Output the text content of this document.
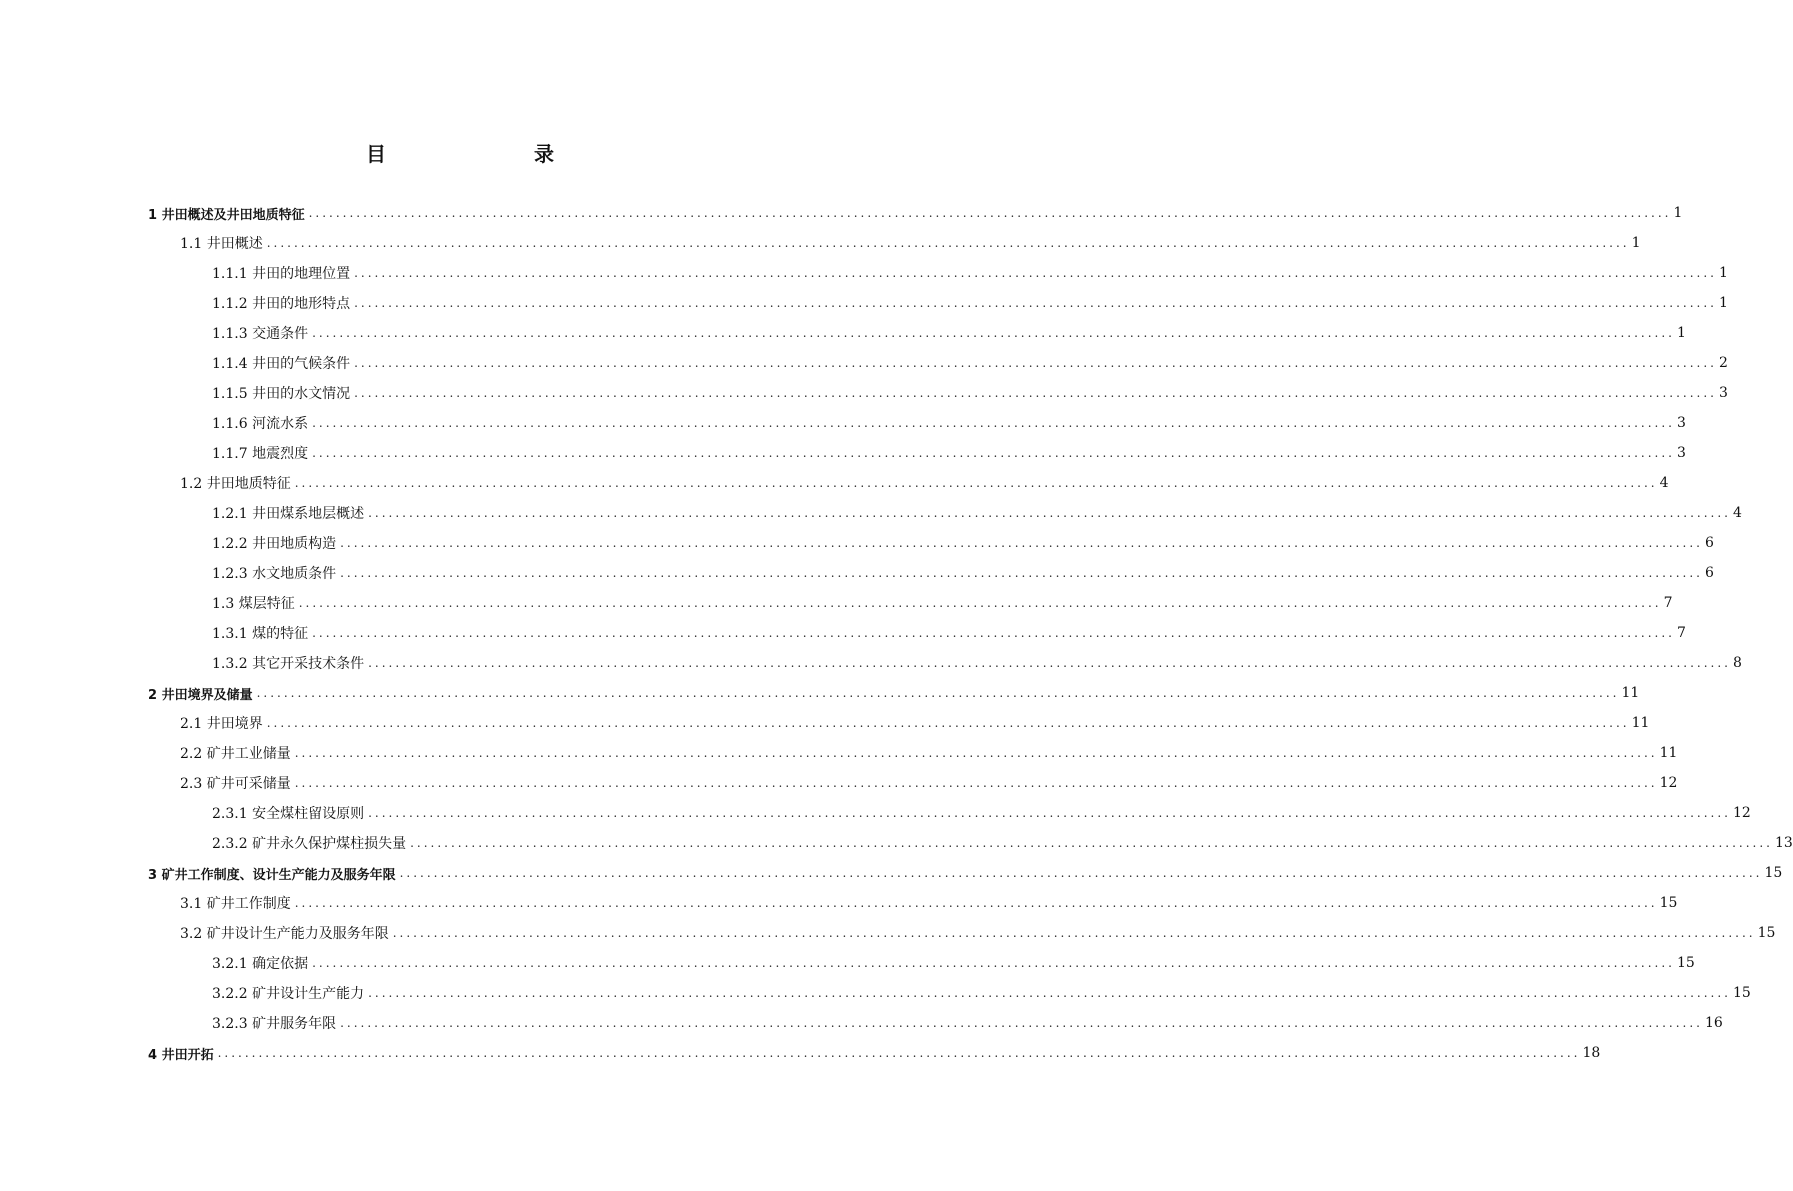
目　　录
1 井田概述及井田地质特征 ........................................................................................................................................................................................................ 1
1.1 井田概述 ........................................................................................................................................................................................................ 1
1.1.1 井田的地理位置 ........................................................................................................................................................................................................ 1
1.1.2 井田的地形特点 ........................................................................................................................................................................................................ 1
1.1.3 交通条件 ........................................................................................................................................................................................................ 1
1.1.4 井田的气候条件 ........................................................................................................................................................................................................ 2
1.1.5 井田的水文情况 ........................................................................................................................................................................................................ 3
1.1.6 河流水系 ........................................................................................................................................................................................................ 3
1.1.7 地震烈度 ........................................................................................................................................................................................................ 3
1.2 井田地质特征 ........................................................................................................................................................................................................ 4
1.2.1 井田煤系地层概述 ........................................................................................................................................................................................................ 4
1.2.2 井田地质构造 ........................................................................................................................................................................................................ 6
1.2.3 水文地质条件 ........................................................................................................................................................................................................ 6
1.3 煤层特征 ........................................................................................................................................................................................................ 7
1.3.1 煤的特征 ........................................................................................................................................................................................................ 7
1.3.2 其它开采技术条件 ........................................................................................................................................................................................................ 8
2 井田境界及储量 ........................................................................................................................................................................................................ 11
2.1 井田境界 ........................................................................................................................................................................................................ 11
2.2 矿井工业储量 ........................................................................................................................................................................................................ 11
2.3 矿井可采储量 ........................................................................................................................................................................................................ 12
2.3.1 安全煤柱留设原则 ........................................................................................................................................................................................................ 12
2.3.2 矿井永久保护煤柱损失量 ........................................................................................................................................................................................................ 13
3 矿井工作制度、设计生产能力及服务年限 ........................................................................................................................................................................................................ 15
3.1 矿井工作制度 ........................................................................................................................................................................................................ 15
3.2 矿井设计生产能力及服务年限 ........................................................................................................................................................................................................ 15
3.2.1 确定依据 ........................................................................................................................................................................................................ 15
3.2.2 矿井设计生产能力 ........................................................................................................................................................................................................ 15
3.2.3 矿井服务年限 ........................................................................................................................................................................................................ 16
4 井田开拓 ........................................................................................................................................................................................................ 18
